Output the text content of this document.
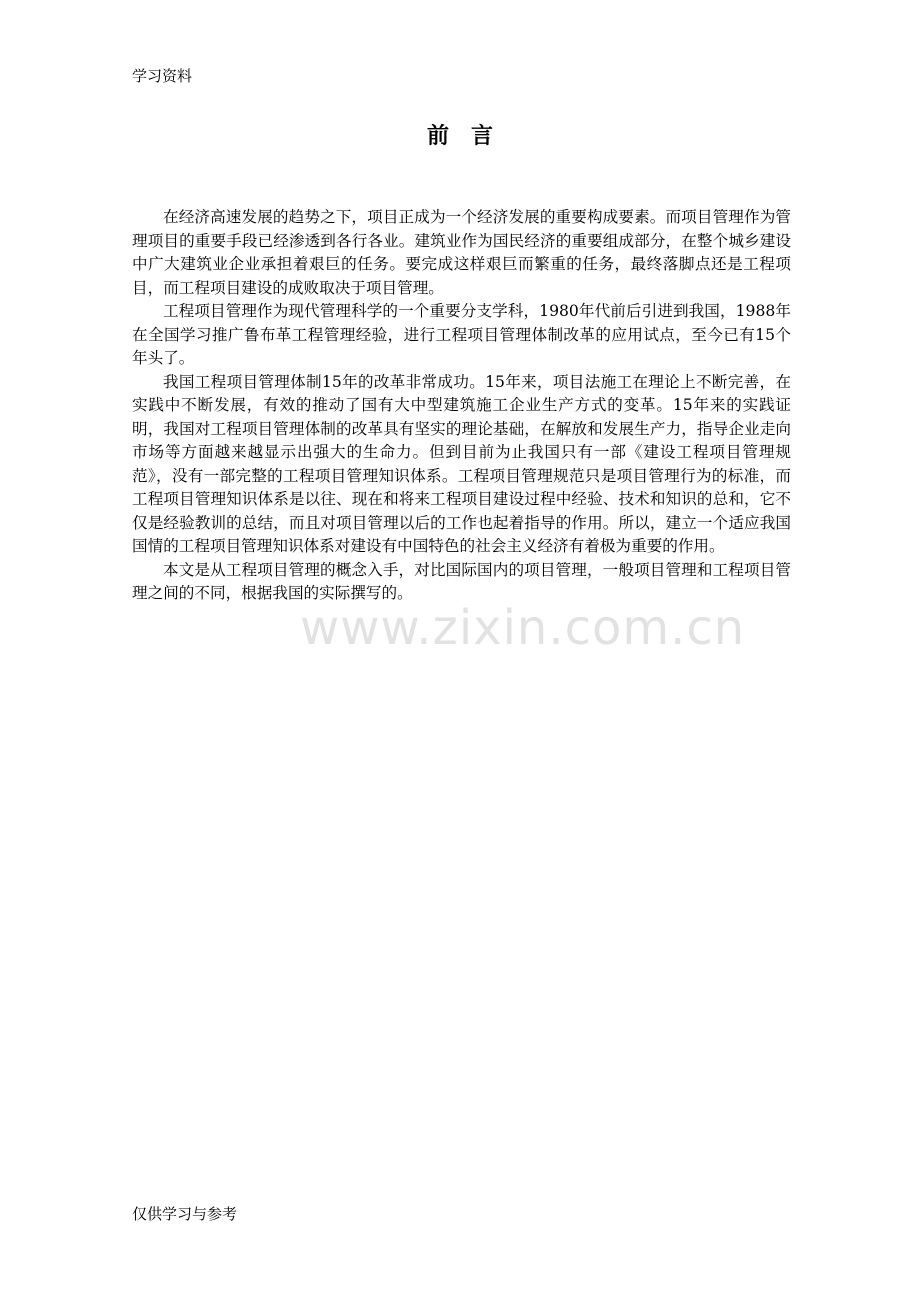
学习资料
前言

在经济高速发展的趋势之下，项目正成为一个经济发展的重要构成要素。而项目管理作为管理项目的重要手段已经渗透到各行各业。建筑业作为国民经济的重要组成部分，在整个城乡建设中广大建筑业企业承担着艰巨的任务。要完成这样艰巨而繁重的任务，最终落脚点还是工程项目，而工程项目建设的成败取决于项目管理。

工程项目管理作为现代管理科学的一个重要分支学科，1980年代前后引进到我国，1988年在全国学习推广鲁布革工程管理经验，进行工程项目管理体制改革的应用试点，至今已有15个年头了。

我国工程项目管理体制15年的改革非常成功。15年来，项目法施工在理论上不断完善，在实践中不断发展，有效的推动了国有大中型建筑施工企业生产方式的变革。15年来的实践证明，我国对工程项目管理体制的改革具有坚实的理论基础，在解放和发展生产力，指导企业走向市场等方面越来越显示出强大的生命力。但到目前为止我国只有一部《建设工程项目管理规范》，没有一部完整的工程项目管理知识体系。工程项目管理规范只是项目管理行为的标准，而工程项目管理知识体系是以往、现在和将来工程项目建设过程中经验、技术和知识的总和，它不仅是经验教训的总结，而且对项目管理以后的工作也起着指导的作用。所以，建立一个适应我国国情的工程项目管理知识体系对建设有中国特色的社会主义经济有着极为重要的作用。

本文是从工程项目管理的概念入手，对比国际国内的项目管理，一般项目管理和工程项目管理之间的不同，根据我国的实际撰写的。

www.zixin.com.cn
仅供学习与参考
